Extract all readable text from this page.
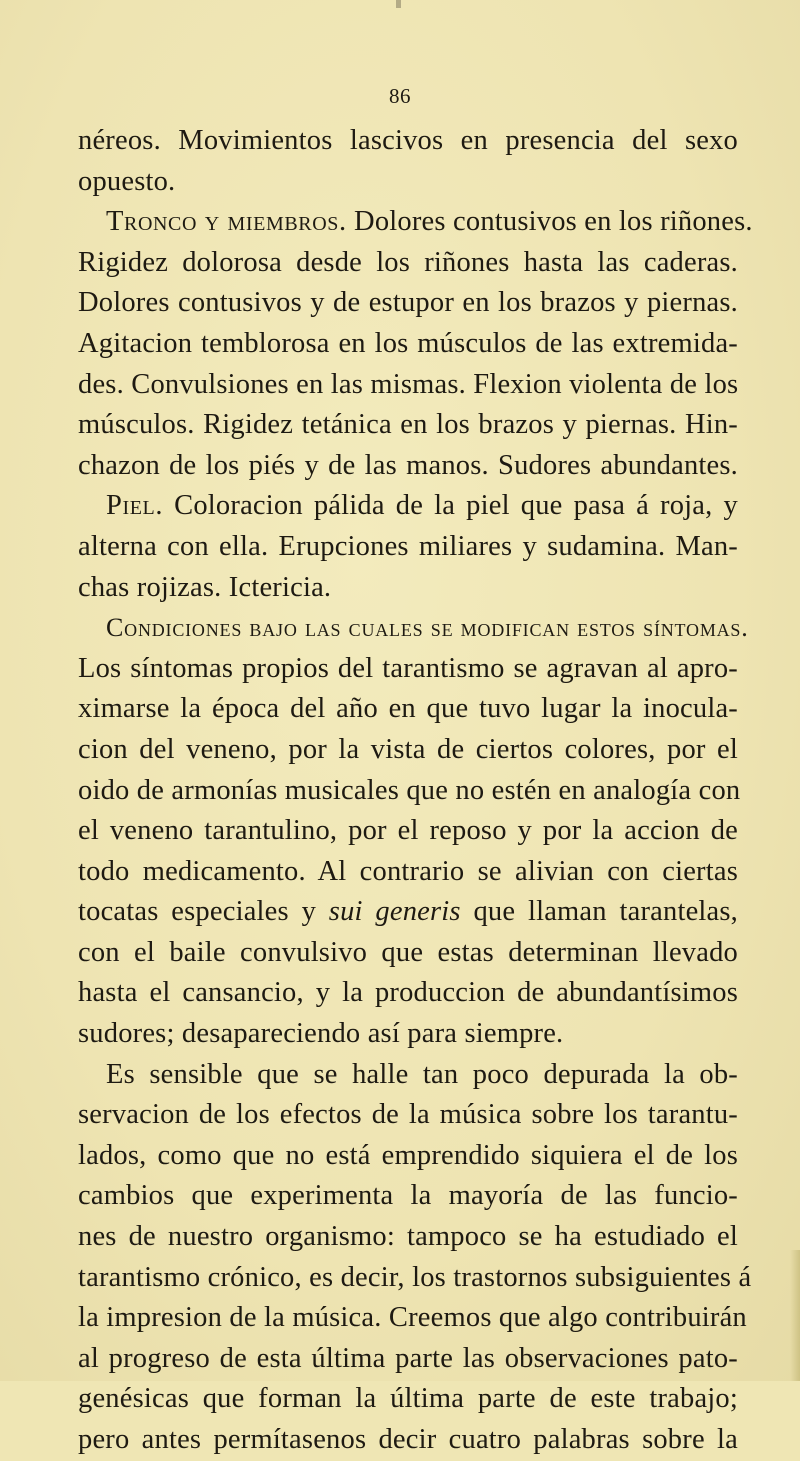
86
néreos. Movimientos lascivos en presencia del sexo
opuesto.
Tronco y miembros. Dolores contusivos en los riñones.
Rigidez dolorosa desde los riñones hasta las caderas.
Dolores contusivos y de estupor en los brazos y piernas.
Agitacion temblorosa en los músculos de las extremida-
des. Convulsiones en las mismas. Flexion violenta de los
músculos. Rigidez tetánica en los brazos y piernas. Hin-
chazon de los piés y de las manos. Sudores abundantes.
Piel. Coloracion pálida de la piel que pasa á roja, y
alterna con ella. Erupciones miliares y sudamina. Man-
chas rojizas. Ictericia.
Condiciones bajo las cuales se modifican estos síntomas.
Los síntomas propios del tarantismo se agravan al apro-
ximarse la época del año en que tuvo lugar la inocula-
cion del veneno, por la vista de ciertos colores, por el
oido de armonías musicales que no estén en analogía con
el veneno tarantulino, por el reposo y por la accion de
todo medicamento. Al contrario se alivian con ciertas
tocatas especiales y sui generis que llaman tarantelas,
con el baile convulsivo que estas determinan llevado
hasta el cansancio, y la produccion de abundantísimos
sudores; desapareciendo así para siempre.
Es sensible que se halle tan poco depurada la ob-
servacion de los efectos de la música sobre los tarantu-
lados, como que no está emprendido siquiera el de los
cambios que experimenta la mayoría de las funcio-
nes de nuestro organismo: tampoco se ha estudiado el
tarantismo crónico, es decir, los trastornos subsiguientes á
la impresion de la música. Creemos que algo contribuirán
al progreso de esta última parte las observaciones pato-
genésicas que forman la última parte de este trabajo;
pero antes permítasenos decir cuatro palabras sobre la
